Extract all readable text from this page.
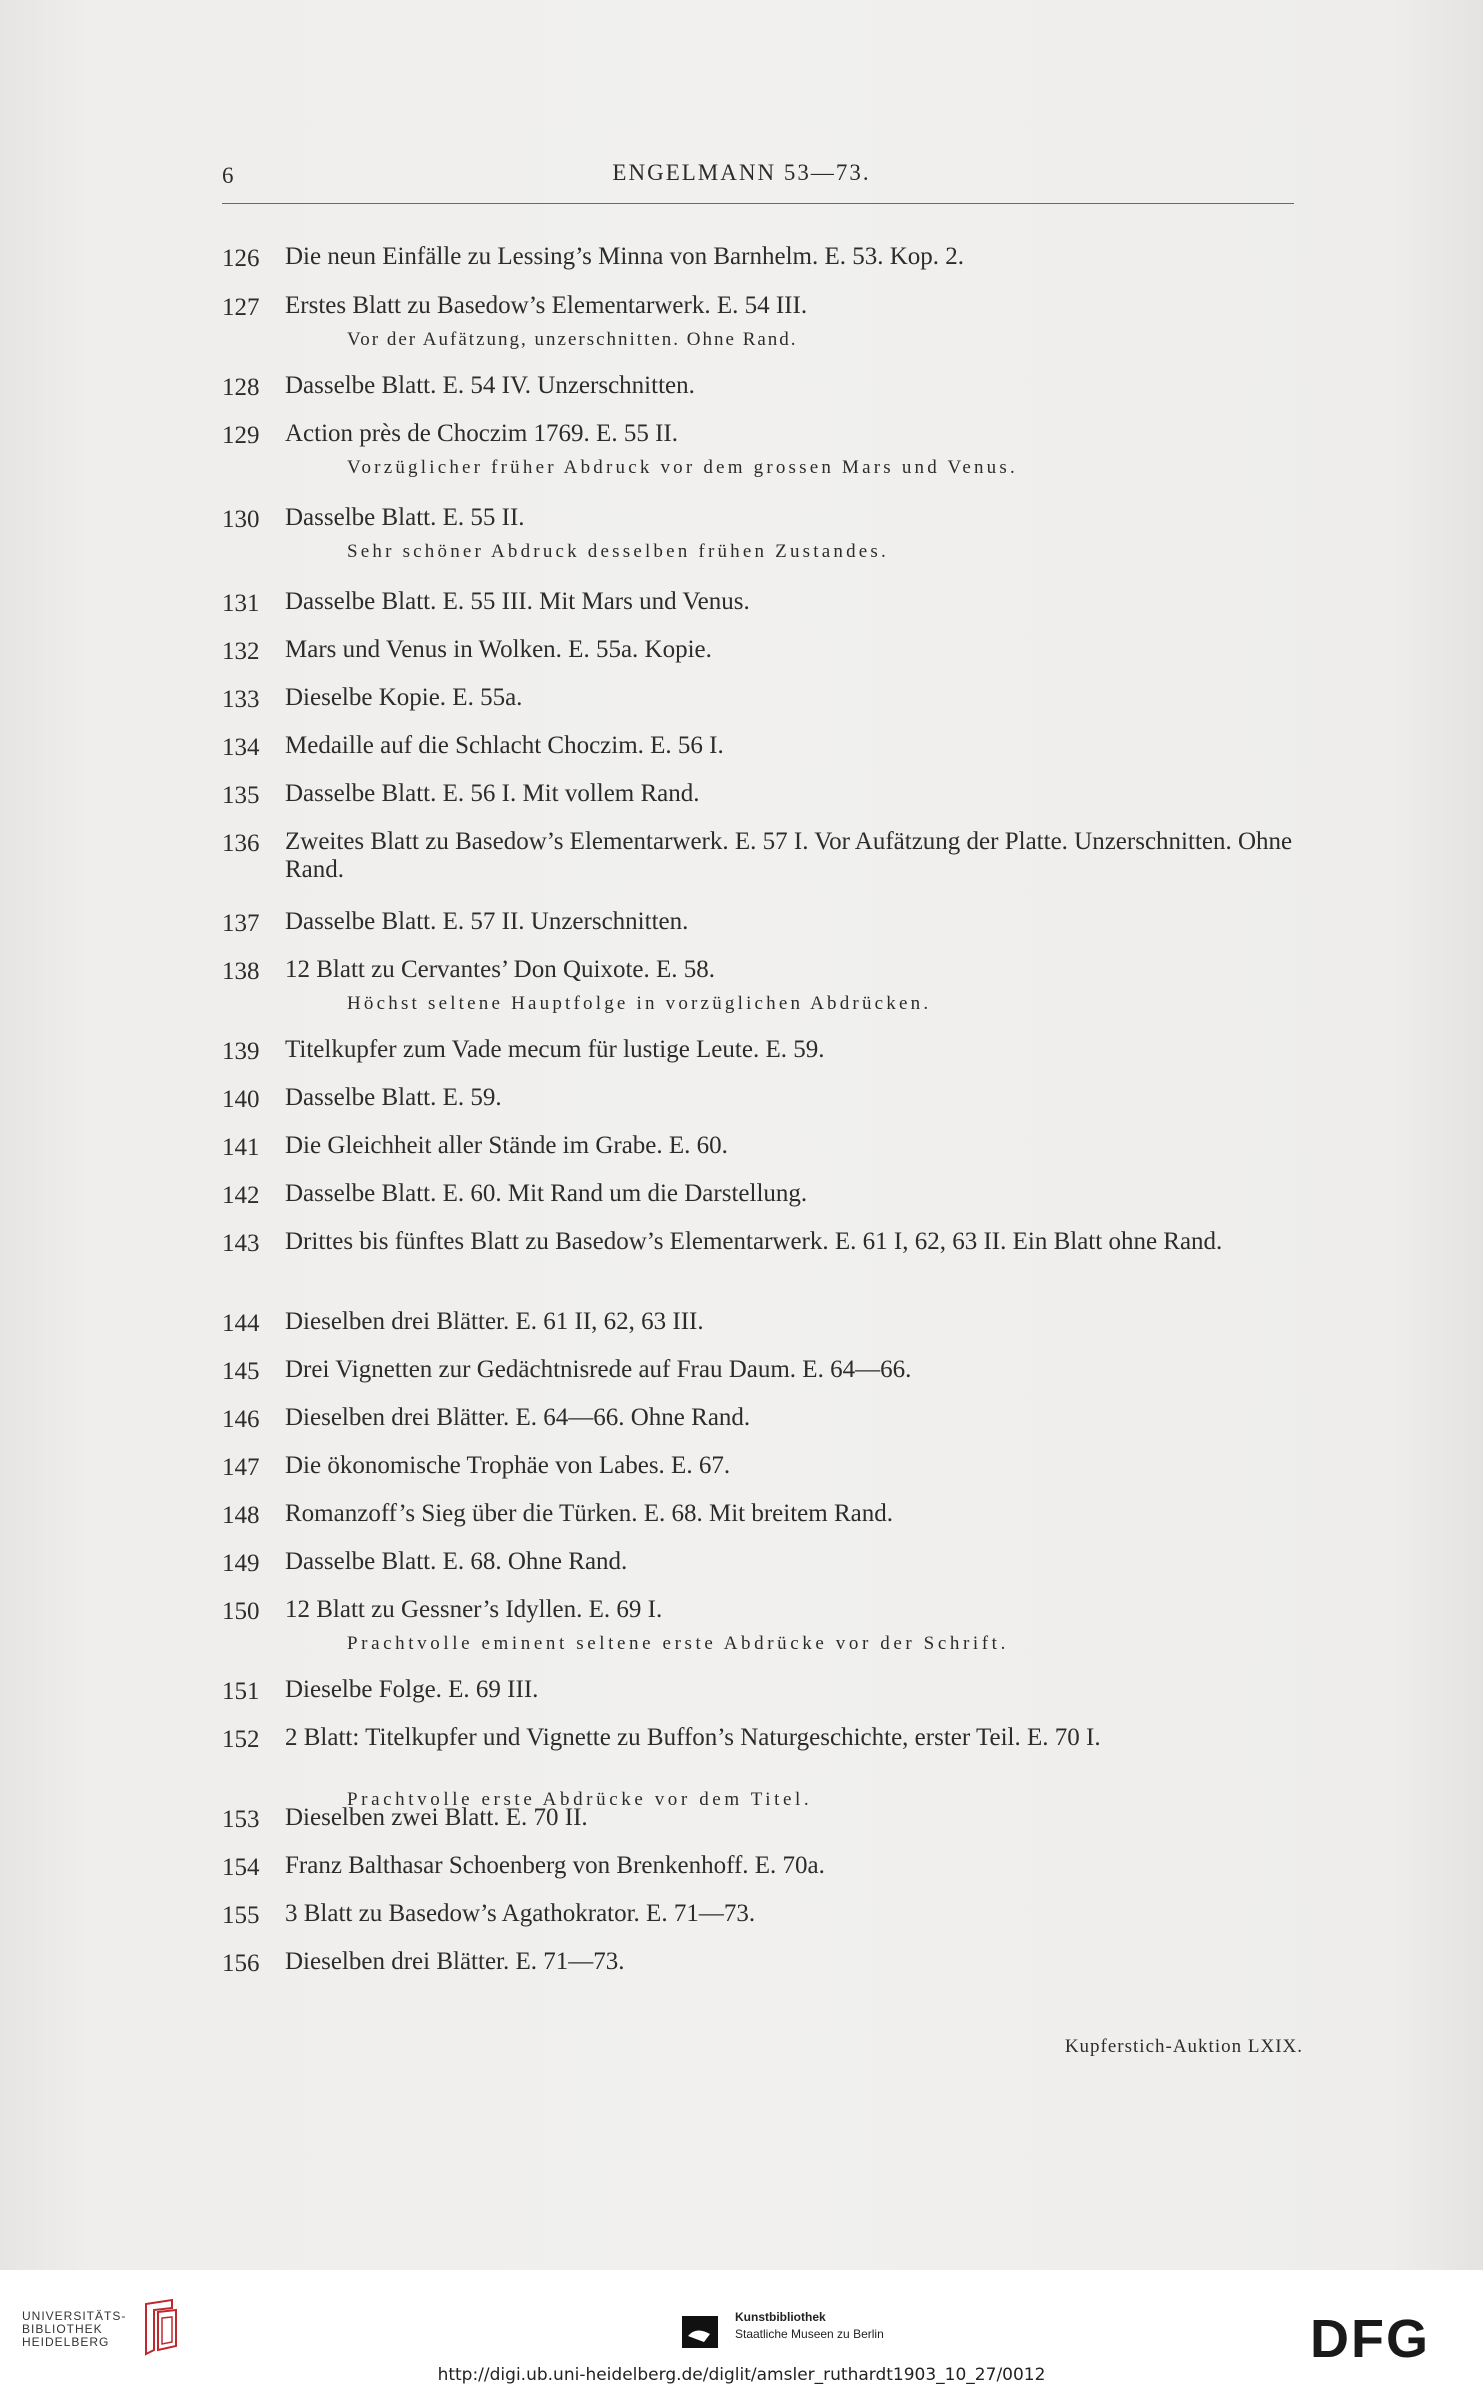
6	ENGELMANN 53—73.
126 Die neun Einfälle zu Lessing’s Minna von Barnhelm. E. 53. Kop. 2.
127 Erstes Blatt zu Basedow’s Elementarwerk. E. 54 III.
Vor der Aufätzung, unzerschnitten. Ohne Rand.
128 Dasselbe Blatt. E. 54 IV. Unzerschnitten.
129 Action près de Choczim 1769. E. 55 II.
Vorzüglicher früher Abdruck vor dem grossen Mars und Venus.
130 Dasselbe Blatt. E. 55 II.
Sehr schöner Abdruck desselben frühen Zustandes.
131 Dasselbe Blatt. E. 55 III. Mit Mars und Venus.
132 Mars und Venus in Wolken. E. 55a. Kopie.
133 Dieselbe Kopie. E. 55a.
134 Medaille auf die Schlacht Choczim. E. 56 I.
135 Dasselbe Blatt. E. 56 I. Mit vollem Rand.
136 Zweites Blatt zu Basedow’s Elementarwerk. E. 57 I. Vor Aufätzung der Platte. Unzerschnitten. Ohne Rand.
137 Dasselbe Blatt. E. 57 II. Unzerschnitten.
138 12 Blatt zu Cervantes’ Don Quixote. E. 58.
Höchst seltene Hauptfolge in vorzüglichen Abdrücken.
139 Titelkupfer zum Vade mecum für lustige Leute. E. 59.
140 Dasselbe Blatt. E. 59.
141 Die Gleichheit aller Stände im Grabe. E. 60.
142 Dasselbe Blatt. E. 60. Mit Rand um die Darstellung.
143 Drittes bis fünftes Blatt zu Basedow’s Elementarwerk. E. 61 I, 62, 63 II. Ein Blatt ohne Rand.
144 Dieselben drei Blätter. E. 61 II, 62, 63 III.
145 Drei Vignetten zur Gedächtnisrede auf Frau Daum. E. 64—66.
146 Dieselben drei Blätter. E. 64—66. Ohne Rand.
147 Die ökonomische Trophäe von Labes. E. 67.
148 Romanzoff’s Sieg über die Türken. E. 68. Mit breitem Rand.
149 Dasselbe Blatt. E. 68. Ohne Rand.
150 12 Blatt zu Gessner’s Idyllen. E. 69 I.
Prachtvolle eminent seltene erste Abdrücke vor der Schrift.
151 Dieselbe Folge. E. 69 III.
152 2 Blatt: Titelkupfer und Vignette zu Buffon’s Naturgeschichte, erster Teil. E. 70 I.
Prachtvolle erste Abdrücke vor dem Titel.
153 Dieselben zwei Blatt. E. 70 II.
154 Franz Balthasar Schoenberg von Brenkenhoff. E. 70a.
155 3 Blatt zu Basedow’s Agathokrator. E. 71—73.
156 Dieselben drei Blätter. E. 71—73.
Kupferstich-Auktion LXIX.
UNIVERSITÄTS-
BIBLIOTHEK
HEIDELBERG
Kunstbibliothek
Staatliche Museen zu Berlin	DFG
http://digi.ub.uni-heidelberg.de/diglit/amsler_ruthardt1903_10_27/0012
